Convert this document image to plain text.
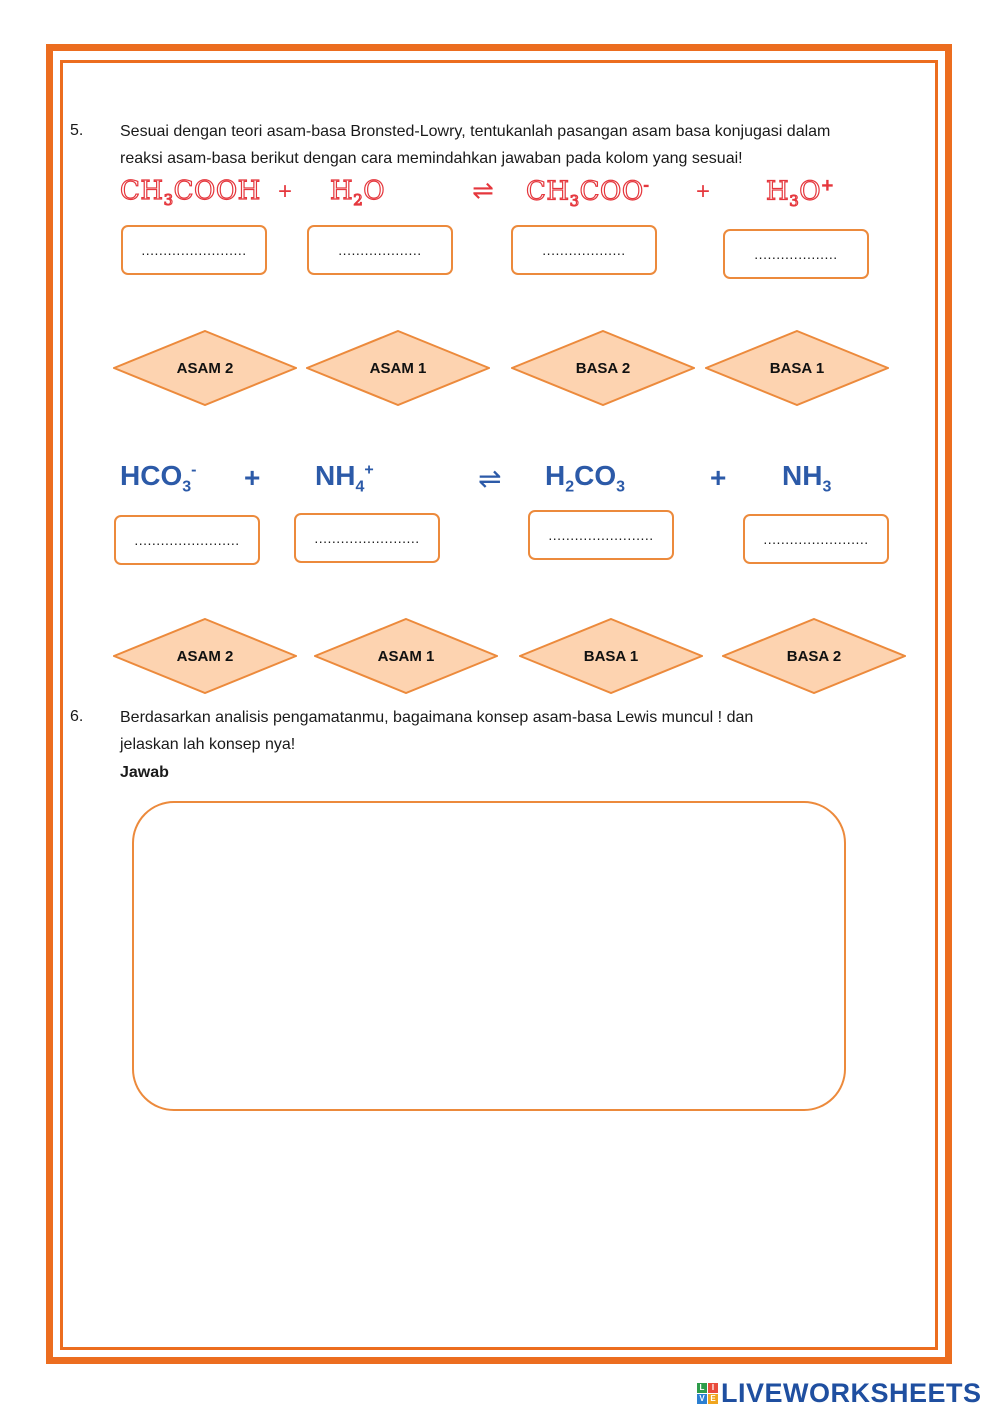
5. Sesuai dengan teori asam-basa Bronsted-Lowry, tentukanlah pasangan asam basa konjugasi dalam
reaksi asam-basa berikut dengan cara memindahkan jawaban pada kolom yang sesuai!
$CH_3COOH + H_2O$	⇌ $CH_3COO^- + H_3O^+$
........................	...................	...................	...................
ASAM 2	ASAM 1	BASA 2	BASA 1
$HCO_3^- + NH_4^+$	⇌ $H_2CO_3$	+ $NH_3$
........................	........................	........................	........................
ASAM 2	ASAM 1	BASA 1	BASA 2
6. Berdasarkan analisis pengamatanmu, bagaimana konsep asam-basa Lewis muncul ! dan
jelaskan lah konsep nya!
Jawab
L I
V E LIVEWORKSHEETS
